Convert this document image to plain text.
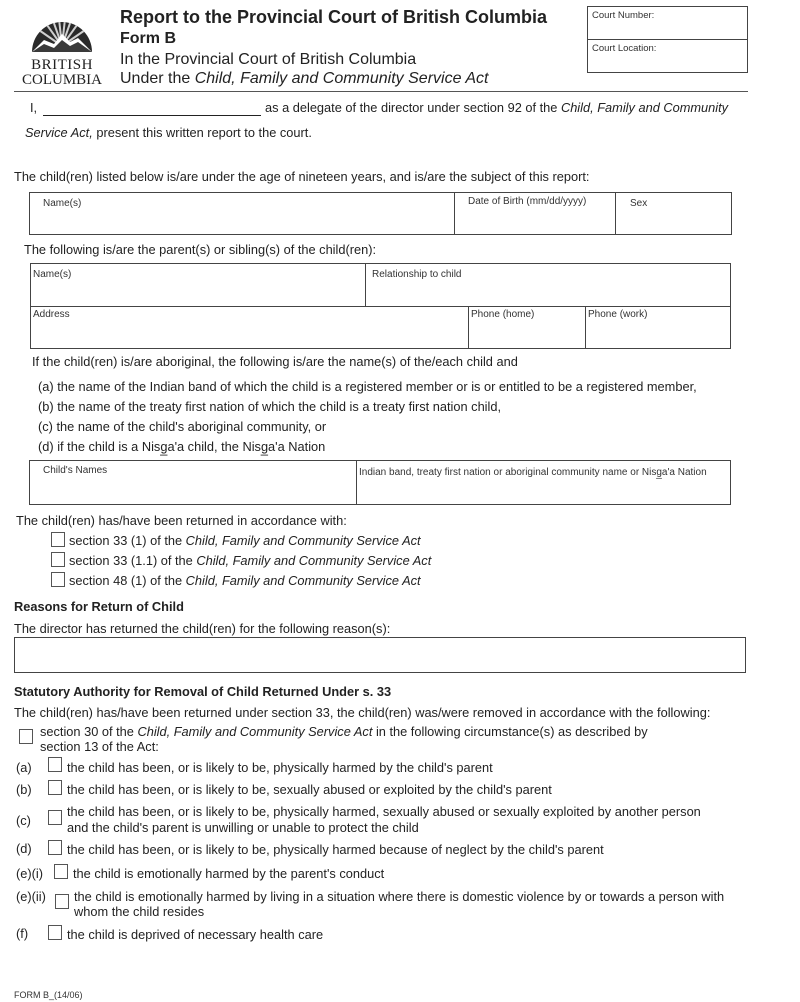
BRITISH
COLUMBIA
Report to the Provincial Court of British Columbia
Form B
In the Provincial Court of British Columbia
Under the Child, Family and Community Service Act
Court Number:
Court Location:
I,	as a delegate of the director under section 92 of the Child, Family and Community
Service Act, present this written report to the court.
The child(ren) listed below is/are under the age of nineteen years, and is/are the subject of this report:
Name(s)	Date of Birth (mm/dd/yyyy)	Sex
The following is/are the parent(s) or sibling(s) of the child(ren):
Name(s)	Relationship to child
Address	Phone (home)	Phone (work)
If the child(ren) is/are aboriginal, the following is/are the name(s) of the/each child and
(a) the name of the Indian band of which the child is a registered member or is or entitled to be a registered member,
(b) the name of the treaty first nation of which the child is a treaty first nation child,
(c) the name of the child's aboriginal community, or
(d) if the child is a Nisg̲a'a child, the Nisg̲a'a Nation
Child's Names	Indian band, treaty first nation or aboriginal community name or Nisg̲a'a Nation
The child(ren) has/have been returned in accordance with:
section 33 (1) of the Child, Family and Community Service Act
section 33 (1.1) of the Child, Family and Community Service Act
section 48 (1) of the Child, Family and Community Service Act
Reasons for Return of Child
The director has returned the child(ren) for the following reason(s):
Statutory Authority for Removal of Child Returned Under s. 33
The child(ren) has/have been returned under section 33, the child(ren) was/were removed in accordance with the following:
section 30 of the Child, Family and Community Service Act in the following circumstance(s) as described by
section 13 of the Act:
(a)	the child has been, or is likely to be, physically harmed by the child's parent
(b)	the child has been, or is likely to be, sexually abused or exploited by the child's parent
(c)
the child has been, or is likely to be, physically harmed, sexually abused or sexually exploited by another person
and the child's parent is unwilling or unable to protect the child
(d)	the child has been, or is likely to be, physically harmed because of neglect by the child's parent
(e)(i) the child is emotionally harmed by the parent's conduct
(e)(ii) the child is emotionally harmed by living in a situation where there is domestic violence by or towards a person with
whom the child resides
(f)	the child is deprived of necessary health care
FORM B_(14/06)
